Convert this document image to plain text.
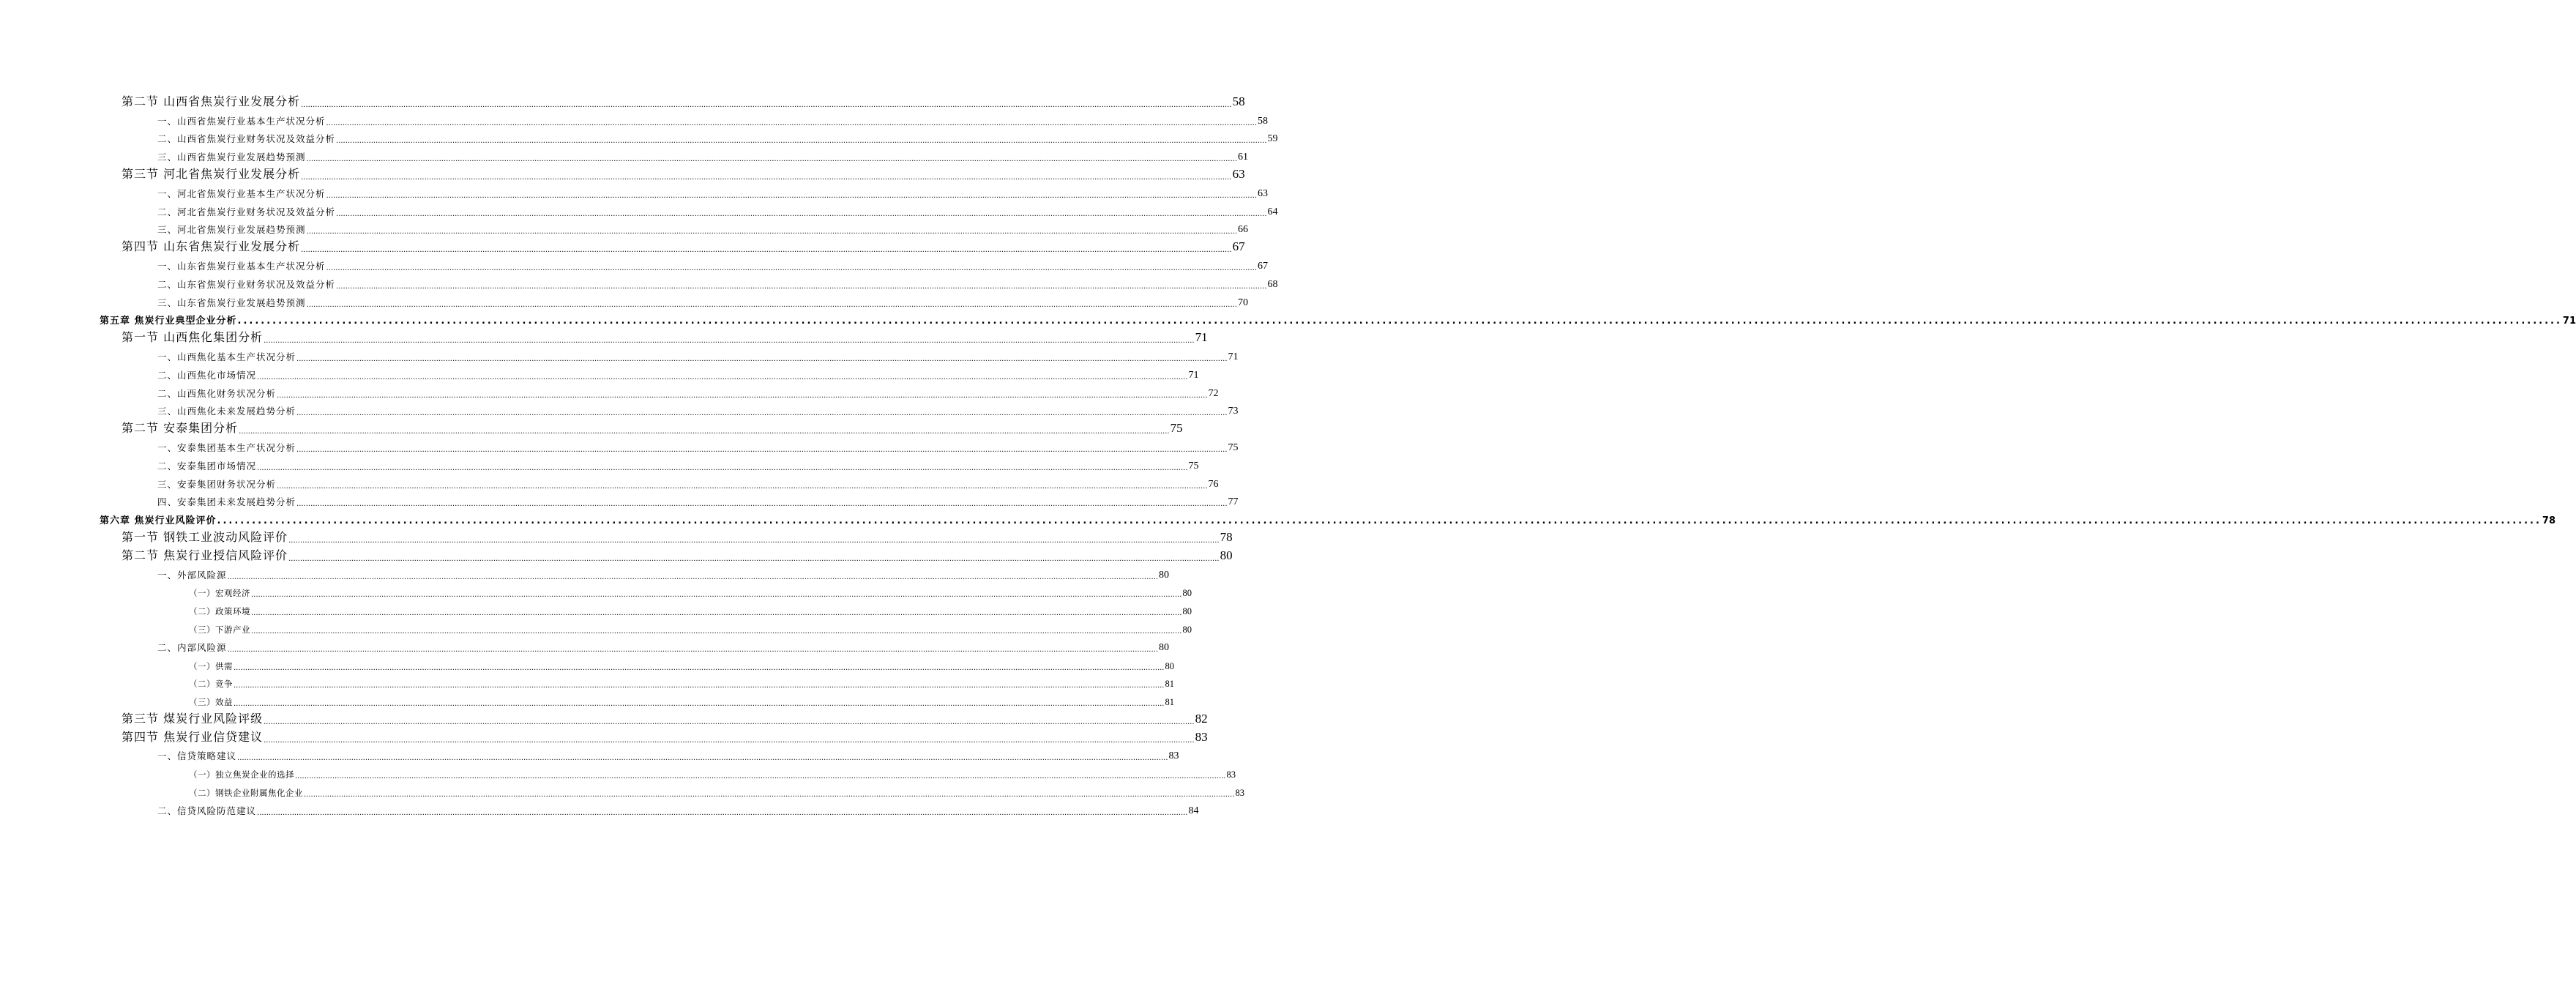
第二节 山西省焦炭行业发展分析 ................................................................................................................................................................................................................................................................................................................................................................................................................ 58
一、山西省焦炭行业基本生产状况分析 ................................................................................................................................................................................................................................................................................................................................................................................................................ 58
二、山西省焦炭行业财务状况及效益分析 ................................................................................................................................................................................................................................................................................................................................................................................................................ 59
三、山西省焦炭行业发展趋势预测 ................................................................................................................................................................................................................................................................................................................................................................................................................ 61
第三节 河北省焦炭行业发展分析 ................................................................................................................................................................................................................................................................................................................................................................................................................ 63
一、河北省焦炭行业基本生产状况分析 ................................................................................................................................................................................................................................................................................................................................................................................................................ 63
二、河北省焦炭行业财务状况及效益分析 ................................................................................................................................................................................................................................................................................................................................................................................................................ 64
三、河北省焦炭行业发展趋势预测 ................................................................................................................................................................................................................................................................................................................................................................................................................ 66
第四节 山东省焦炭行业发展分析 ................................................................................................................................................................................................................................................................................................................................................................................................................ 67
一、山东省焦炭行业基本生产状况分析 ................................................................................................................................................................................................................................................................................................................................................................................................................ 67
二、山东省焦炭行业财务状况及效益分析 ................................................................................................................................................................................................................................................................................................................................................................................................................ 68
三、山东省焦炭行业发展趋势预测 ................................................................................................................................................................................................................................................................................................................................................................................................................ 70
第五章 焦炭行业典型企业分析 ................................................................................................................................................................................................................................................................................................................................................................................................................ 71
第一节 山西焦化集团分析 ................................................................................................................................................................................................................................................................................................................................................................................................................ 71
一、山西焦化基本生产状况分析 ................................................................................................................................................................................................................................................................................................................................................................................................................ 71
二、山西焦化市场情况 ................................................................................................................................................................................................................................................................................................................................................................................................................ 71
二、山西焦化财务状况分析 ................................................................................................................................................................................................................................................................................................................................................................................................................ 72
三、山西焦化未来发展趋势分析 ................................................................................................................................................................................................................................................................................................................................................................................................................ 73
第二节 安泰集团分析 ................................................................................................................................................................................................................................................................................................................................................................................................................ 75
一、安泰集团基本生产状况分析 ................................................................................................................................................................................................................................................................................................................................................................................................................ 75
二、安泰集团市场情况 ................................................................................................................................................................................................................................................................................................................................................................................................................ 75
三、安泰集团财务状况分析 ................................................................................................................................................................................................................................................................................................................................................................................................................ 76
四、安泰集团未来发展趋势分析 ................................................................................................................................................................................................................................................................................................................................................................................................................ 77
第六章 焦炭行业风险评价 ................................................................................................................................................................................................................................................................................................................................................................................................................ 78
第一节 钢铁工业波动风险评价 ................................................................................................................................................................................................................................................................................................................................................................................................................ 78
第二节 焦炭行业授信风险评价 ................................................................................................................................................................................................................................................................................................................................................................................................................ 80
一、外部风险源 ................................................................................................................................................................................................................................................................................................................................................................................................................ 80
（一）宏观经济 ................................................................................................................................................................................................................................................................................................................................................................................................................ 80
（二）政策环境 ................................................................................................................................................................................................................................................................................................................................................................................................................ 80
（三）下游产业 ................................................................................................................................................................................................................................................................................................................................................................................................................ 80
二、内部风险源 ................................................................................................................................................................................................................................................................................................................................................................................................................ 80
（一）供需 ................................................................................................................................................................................................................................................................................................................................................................................................................ 80
（二）竞争 ................................................................................................................................................................................................................................................................................................................................................................................................................ 81
（三）效益 ................................................................................................................................................................................................................................................................................................................................................................................................................ 81
第三节 煤炭行业风险评级 ................................................................................................................................................................................................................................................................................................................................................................................................................ 82
第四节 焦炭行业信贷建议 ................................................................................................................................................................................................................................................................................................................................................................................................................ 83
一、信贷策略建议 ................................................................................................................................................................................................................................................................................................................................................................................................................ 83
（一）独立焦炭企业的选择 ................................................................................................................................................................................................................................................................................................................................................................................................................ 83
（二）钢铁企业附属焦化企业 ................................................................................................................................................................................................................................................................................................................................................................................................................ 83
二、信贷风险防范建议 ................................................................................................................................................................................................................................................................................................................................................................................................................ 84
